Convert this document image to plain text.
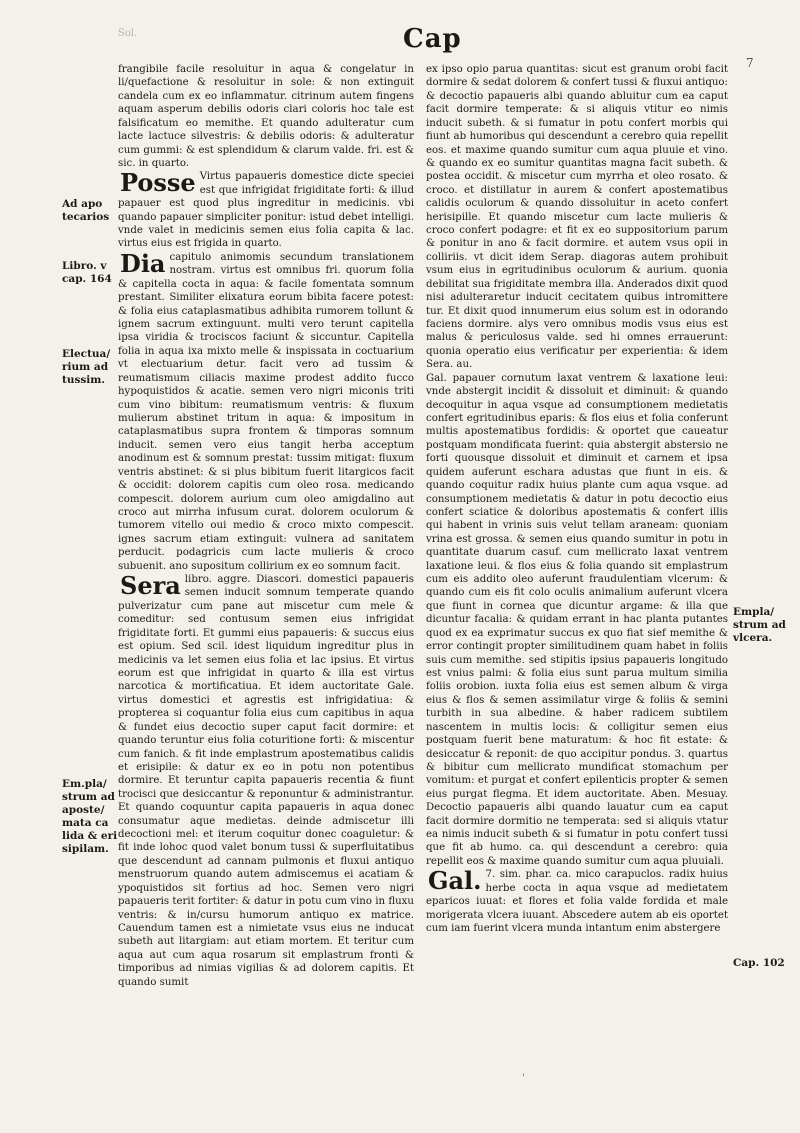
Sol.	Cap
7
Ad apo
tecarios
Libro. v
cap. 164
Electua/
rium ad
tussim.
Em.pla/
strum ad
aposte/
mata ca
lida & eri
sipilam.
Empla/
strum ad
vlcera.
Cap. 102

frangibile facile resoluitur in aqua & congelatur in li/quefactione & resoluitur in sole: & non extinguit candela cum ex eo inflammatur. citrinum autem fingens aquam asperum debilis odoris clari coloris hoc tale est falsificatum eo memithe. Et quando adulteratur cum lacte lactuce silvestris: & debilis odoris: & adulteratur cum gummi: & est splendidum & clarum valde. fri. est & sic. in quarto.

Posse Virtus papaueris domestice dicte speciei est que infrigidat frigiditate forti: & illud papauer est quod plus ingreditur in medicinis. vbi quando papauer simpliciter ponitur: istud debet intelligi. vnde valet in medicinis semen eius folia capita & lac. virtus eius est frigida in quarto.

Dia capitulo animomis secundum translationem nostram. virtus est omnibus fri. quorum folia & capitella cocta in aqua: & facile fomentata somnum prestant. Similiter elixatura eorum bibita facere potest: & folia eius cataplasmatibus adhibita rumorem tollunt & ignem sacrum extinguunt. multi vero terunt capitella ipsa viridia & trociscos faciunt & siccuntur. Capitella folia in aqua ixa mixto melle & inspissata in coctuarium vt electuarium detur. facit vero ad tussim & reumatismum ciliacis maxime prodest addito fucco hypoquistidos & acatie. semen vero nigri miconis triti cum vino bibitum: reumatismum ventris: & fluxum mulierum abstinet tritum in aqua: & impositum in cataplasmatibus supra frontem & timporas somnum inducit. semen vero eius tangit herba acceptum anodinum est & somnum prestat: tussim mitigat: fluxum ventris abstinet: & si plus bibitum fuerit litargicos facit & occidit: dolorem capitis cum oleo rosa. medicando compescit. dolorem aurium cum oleo amigdalino aut croco aut mirrha infusum curat. dolorem oculorum & tumorem vitello oui medio & croco mixto compescit. ignes sacrum etiam extinguit: vulnera ad sanitatem perducit. podagricis cum lacte mulieris & croco subuenit. ano supositum collirium ex eo somnum facit.

Sera libro. aggre. Diascori. domestici papaueris semen inducit somnum temperate quando pulverizatur cum pane aut miscetur cum mele & comeditur: sed contusum semen eius infrigidat frigiditate forti. Et gummi eius papaueris: & succus eius est opium. Sed scil. idest liquidum ingreditur plus in medicinis va let semen eius folia et lac ipsius. Et virtus eorum est que infrigidat in quarto & illa est virtus narcotica & mortificatiua. Et idem auctoritate Gale. virtus domestici et agrestis est infrigidatiua: & propterea si coquantur folia eius cum capitibus in aqua & fundet eius decoctio super caput facit dormire: et quando teruntur eius folia coturitione forti: & miscentur cum fanich. & fit inde emplastrum apostematibus calidis et erisipile: & datur ex eo in potu non potentibus dormire. Et teruntur capita papaueris recentia & fiunt trocisci que desiccantur & reponuntur & administrantur. Et quando coquuntur capita papaueris in aqua donec consumatur aque medietas. deinde admiscetur illi decoctioni mel: et iterum coquitur donec coaguletur: & fit inde lohoc quod valet bonum tussi & superfluitatibus que descendunt ad cannam pulmonis et fluxui antiquo menstruorum quando autem admiscemus ei acatiam & ypoquistidos sit fortius ad hoc. Semen vero nigri papaueris terit fortiter: & datur in potu cum vino in fluxu ventris: & in/cursu humorum antiquo ex matrice. Cauendum tamen est a nimietate vsus eius ne inducat subeth aut litargiam: aut etiam mortem. Et teritur cum aqua aut cum aqua rosarum sit emplastrum fronti & timporibus ad nimias vigilias & ad dolorem capitis. Et quando sumit

ex ipso opio parua quantitas: sicut est granum orobi facit dormire & sedat dolorem & confert tussi & fluxui antiquo: & decoctio papaueris albi quando abluitur cum ea caput facit dormire temperate: & si aliquis vtitur eo nimis inducit subeth. & si fumatur in potu confert morbis qui fiunt ab humoribus qui descendunt a cerebro quia repellit eos. et maxime quando sumitur cum aqua pluuie et vino. & quando ex eo sumitur quantitas magna facit subeth. & postea occidit. & miscetur cum myrrha et oleo rosato. & croco. et distillatur in aurem & confert apostematibus calidis oculorum & quando dissoluitur in aceto confert herisipille. Et quando miscetur cum lacte mulieris & croco confert podagre: et fit ex eo suppositorium parum & ponitur in ano & facit dormire. et autem vsus opii in colliriis. vt dicit idem Serap. diagoras autem prohibuit vsum eius in egritudinibus oculorum & aurium. quonia debilitat sua frigiditate membra illa. Anderados dixit quod nisi adulteraretur inducit cecitatem quibus intromittere tur. Et dixit quod innumerum eius solum est in odorando faciens dormire. alys vero omnibus modis vsus eius est malus & periculosus valde. sed hi omnes errauerunt: quonia operatio eius verificatur per experientia: & idem Sera. au.

Gal. papauer cornutum laxat ventrem & laxatione leui: vnde abstergit incidit & dissoluit et diminuit: & quando decoquitur in aqua vsque ad consumptionem medietatis confert egritudinibus eparis: & flos eius et folia conferunt multis apostematibus fordidis: & oportet que caueatur postquam mondificata fuerint: quia abstergit abstersio ne forti quousque dissoluit et diminuit et carnem et ipsa quidem auferunt eschara adustas que fiunt in eis. & quando coquitur radix huius plante cum aqua vsque. ad consumptionem medietatis & datur in potu decoctio eius confert sciatice & doloribus apostematis & confert illis qui habent in vrinis suis velut tellam araneam: quoniam vrina est grossa. & semen eius quando sumitur in potu in quantitate duarum casuf. cum mellicrato laxat ventrem laxatione leui. & flos eius & folia quando sit emplastrum cum eis addito oleo auferunt fraudulentiam vlcerum: & quando cum eis fit colo oculis animalium auferunt vlcera que fiunt in cornea que dicuntur argame: & illa que dicuntur facalia: & quidam errant in hac planta putantes quod ex ea exprimatur succus ex quo fiat sief memithe & error contingit propter similitudinem quam habet in foliis suis cum memithe. sed stipitis ipsius papaueris longitudo est vnius palmi: & folia eius sunt parua multum similia foliis orobion. iuxta folia eius est semen album & virga eius & flos & semen assimilatur virge & foliis & semini turbith in sua albedine. & haber radicem subtilem nascentem in multis locis: & colligitur semen eius postquam fuerit bene maturatum: & hoc fit estate: & desiccatur & reponit: de quo accipitur pondus. 3. quartus & bibitur cum mellicrato mundificat stomachum per vomitum: et purgat et confert epilenticis propter & semen eius purgat flegma. Et idem auctoritate. Aben. Mesuay. Decoctio papaueris albi quando lauatur cum ea caput facit dormire dormitio ne temperata: sed si aliquis vtatur ea nimis inducit subeth & si fumatur in potu confert tussi que fit ab humo. ca. qui descendunt a cerebro: quia repellit eos & maxime quando sumitur cum aqua pluuiali.

Gal. 7. sim. phar. ca. mico carapuclos. radix huius herbe cocta in aqua vsque ad medietatem eparicos iuuat: et flores et folia valde fordida et male morigerata vlcera iuuant. Abscedere autem ab eis oportet cum iam fuerint vlcera munda intantum enim abstergere

'
